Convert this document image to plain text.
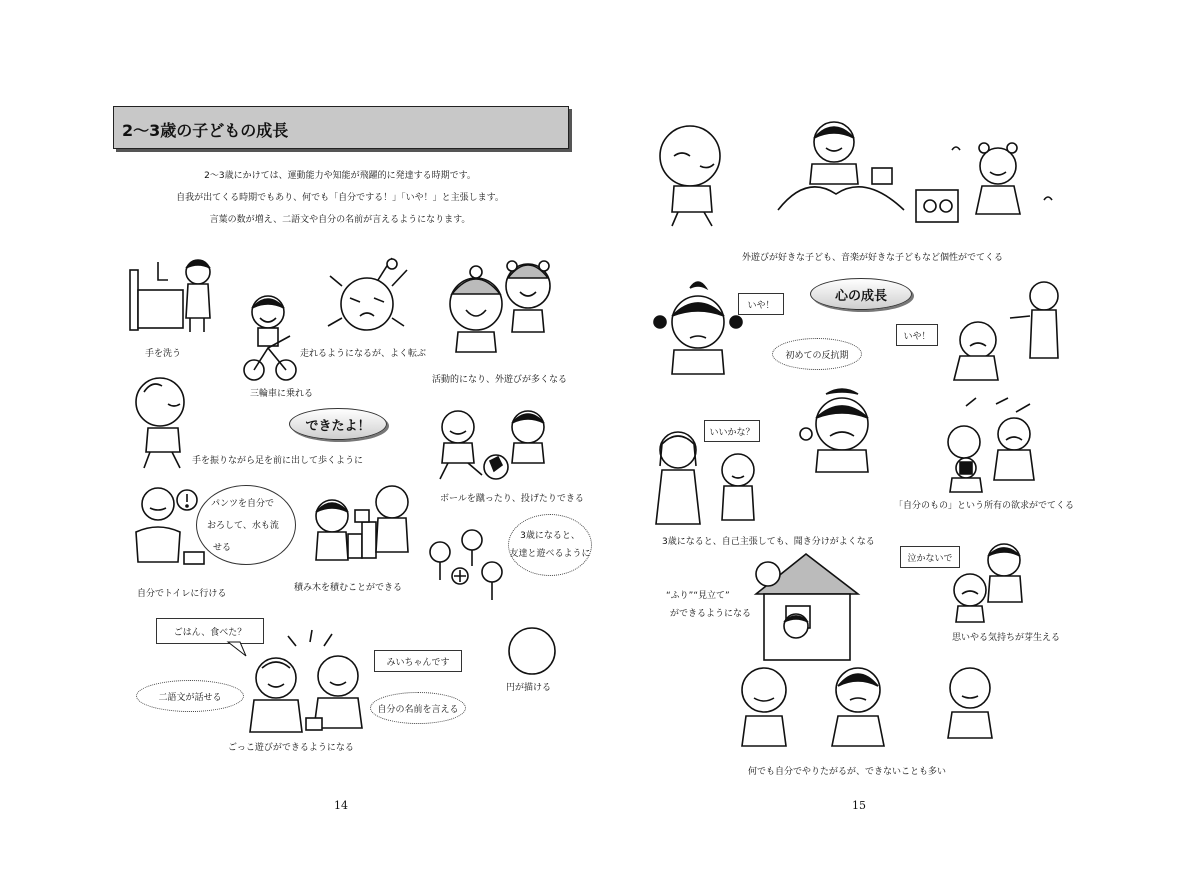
2～3歳の子どもの成長
2～3歳にかけては、運動能力や知能が飛躍的に発達する時期です。
自我が出てくる時期でもあり、何でも「自分でする！」「いや！」と主張します。
言葉の数が増え、二語文や自分の名前が言えるようになります。
手を洗う
三輪車に乗れる
走れるようになるが、よく転ぶ
活動的になり、外遊びが多くなる
手を振りながら足を前に出して歩くように
できたよ！
ボールを蹴ったり、投げたりできる
パンツを自分で
おろして、水も流
せる
自分でトイレに行ける
積み木を積むことができる
3歳になると、
友達と遊べるように
ごはん、食べた？
二語文が話せる
みいちゃんです
自分の名前を言える
円が描ける
ごっこ遊びができるようになる
14
外遊びが好きな子ども、音楽が好きな子どもなど個性がでてくる
いや！
心の成長
初めての反抗期
いや！
いいかな？
3歳になると、自己主張しても、聞き分けがよくなる
「自分のもの」という所有の欲求がでてくる
“ふり”“見立て”
ができるようになる
泣かないで
思いやる気持ちが芽生える
何でも自分でやりたがるが、できないことも多い
15
